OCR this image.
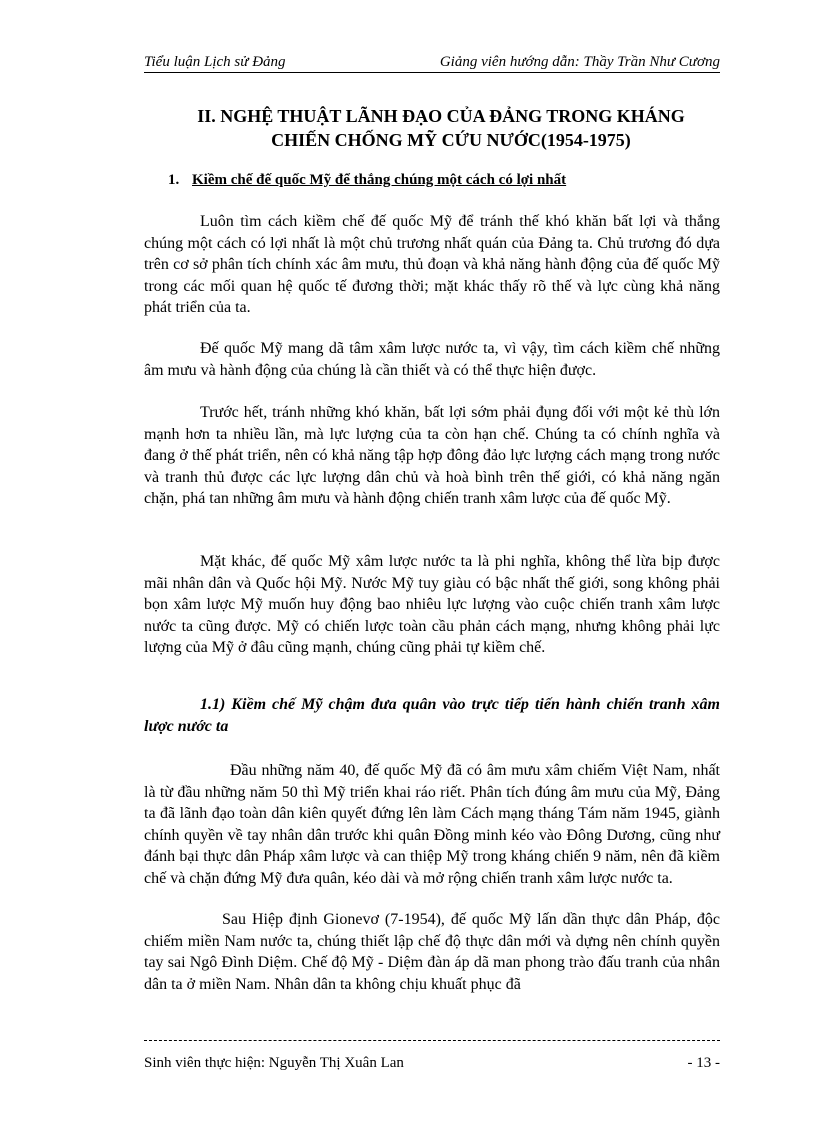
Tiểu luận Lịch sử Đảng	Giảng viên hướng dẫn: Thầy Trần Như Cương
II. NGHỆ THUẬT LÃNH ĐẠO CỦA ĐẢNG TRONG KHÁNG
CHIẾN CHỐNG MỸ CỨU NƯỚC(1954-1975)
1. Kiềm chế đế quốc Mỹ để thắng chúng một cách có lợi nhất

Luôn tìm cách kiềm chế đế quốc Mỹ để tránh thế khó khăn bất lợi và thắng chúng một cách có lợi nhất là một chủ trương nhất quán của Đảng ta. Chủ trương đó dựa trên cơ sở phân tích chính xác âm mưu, thủ đoạn và khả năng hành động của đế quốc Mỹ trong các mối quan hệ quốc tế đương thời; mặt khác thấy rõ thế và lực cùng khả năng phát triển của ta.

Đế quốc Mỹ mang dã tâm xâm lược nước ta, vì vậy, tìm cách kiềm chế những âm mưu và hành động của chúng là cần thiết và có thể thực hiện được.

Trước hết, tránh những khó khăn, bất lợi sớm phải đụng đối với một kẻ thù lớn mạnh hơn ta nhiều lần, mà lực lượng của ta còn hạn chế. Chúng ta có chính nghĩa và đang ở thế phát triển, nên có khả năng tập hợp đông đảo lực lượng cách mạng trong nước và tranh thủ được các lực lượng dân chủ và hoà bình trên thế giới, có khả năng ngăn chặn, phá tan những âm mưu và hành động chiến tranh xâm lược của đế quốc Mỹ.

Mặt khác, đế quốc Mỹ xâm lược nước ta là phi nghĩa, không thể lừa bịp được mãi nhân dân và Quốc hội Mỹ. Nước Mỹ tuy giàu có bậc nhất thế giới, song không phải bọn xâm lược Mỹ muốn huy động bao nhiêu lực lượng vào cuộc chiến tranh xâm lược nước ta cũng được. Mỹ có chiến lược toàn cầu phản cách mạng, nhưng không phải lực lượng của Mỹ ở đâu cũng mạnh, chúng cũng phải tự kiềm chế.

1.1) Kiềm chế Mỹ chậm đưa quân vào trực tiếp tiến hành chiến tranh xâm lược nước ta

Đầu những năm 40, đế quốc Mỹ đã có âm mưu xâm chiếm Việt Nam, nhất là từ đầu những năm 50 thì Mỹ triển khai ráo riết. Phân tích đúng âm mưu của Mỹ, Đảng ta đã lãnh đạo toàn dân kiên quyết đứng lên làm Cách mạng tháng Tám năm 1945, giành chính quyền về tay nhân dân trước khi quân Đồng minh kéo vào Đông Dương, cũng như đánh bại thực dân Pháp xâm lược và can thiệp Mỹ trong kháng chiến 9 năm, nên đã kiềm chế và chặn đứng Mỹ đưa quân, kéo dài và mở rộng chiến tranh xâm lược nước ta.

Sau Hiệp định Gionevơ (7-1954), đế quốc Mỹ lấn dần thực dân Pháp, độc chiếm miền Nam nước ta, chúng thiết lập chế độ thực dân mới và dựng nên chính quyền tay sai Ngô Đình Diệm. Chế độ Mỹ - Diệm đàn áp dã man phong trào đấu tranh của nhân dân ta ở miền Nam. Nhân dân ta không chịu khuất phục đã

Sinh viên thực hiện: Nguyễn Thị Xuân Lan	- 13 -
